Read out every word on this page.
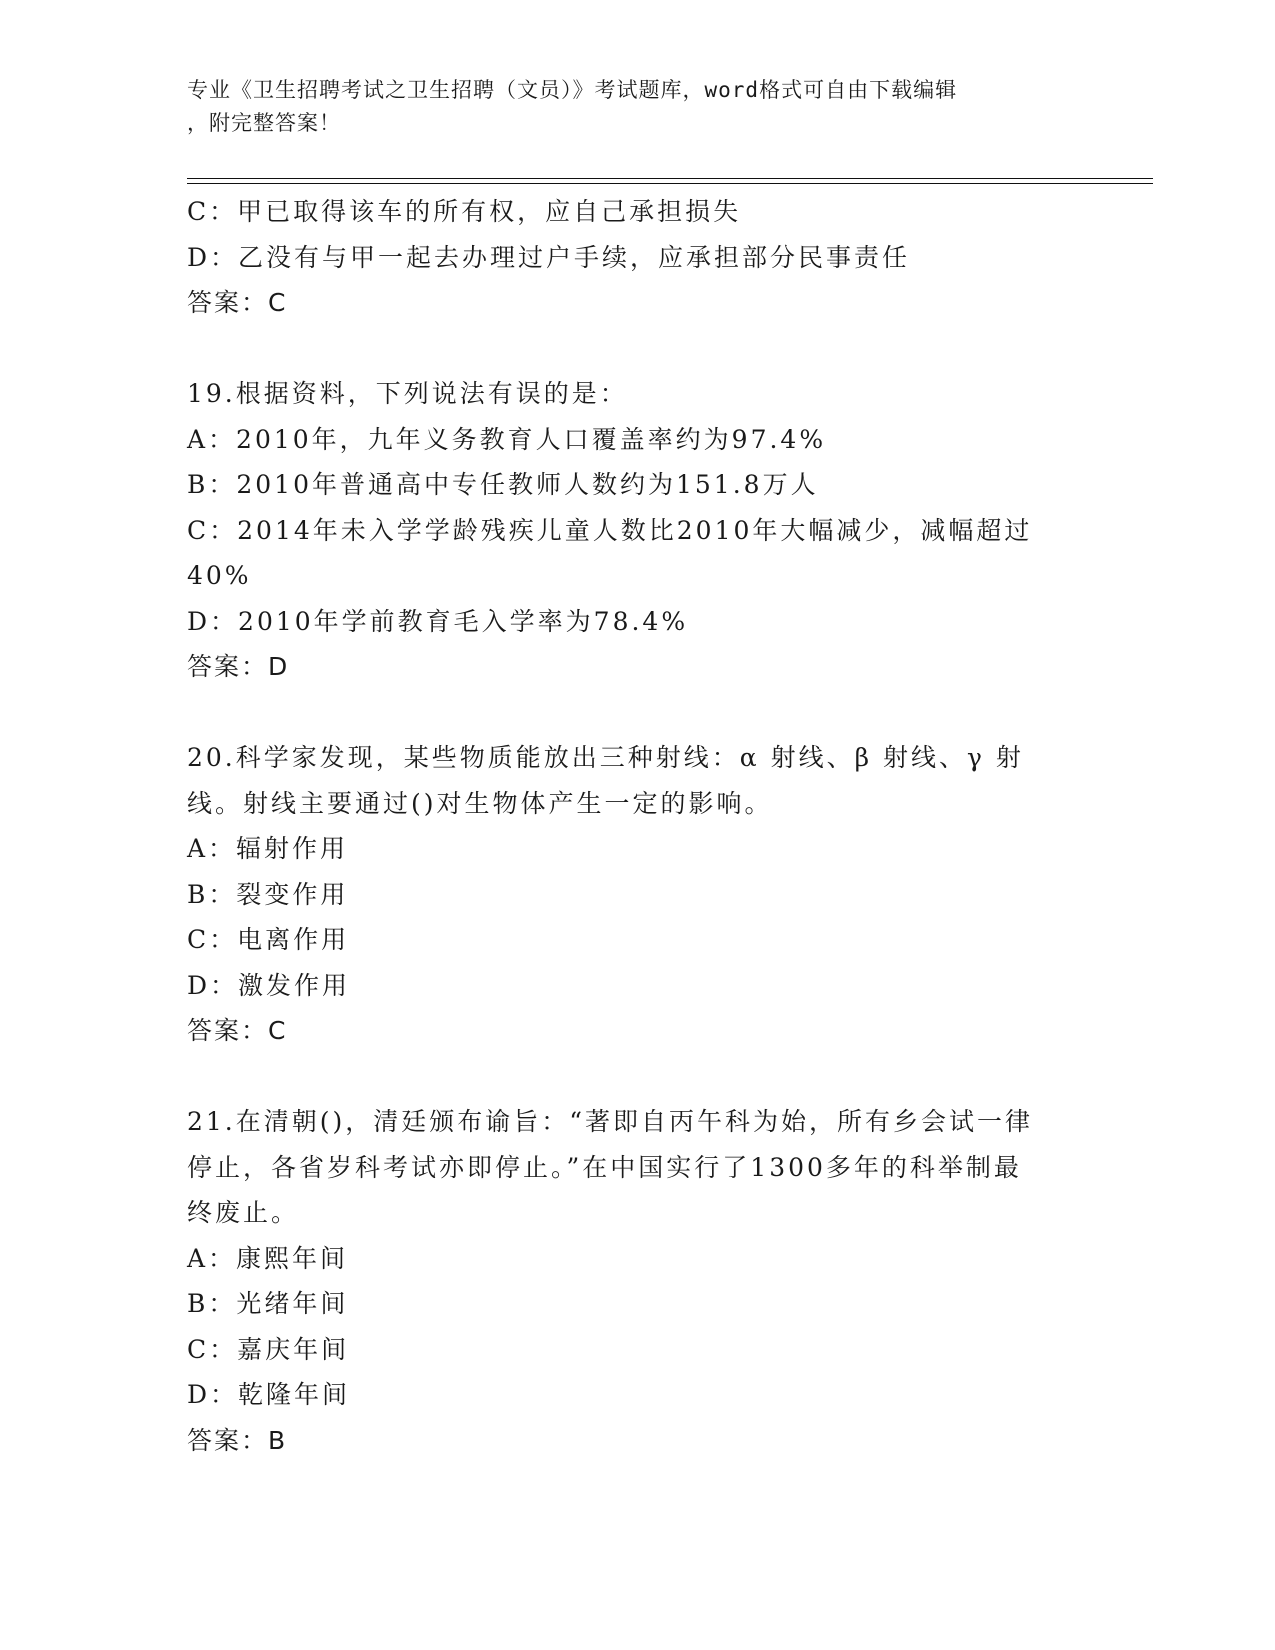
专业《卫生招聘考试之卫生招聘（文员）》考试题库，word格式可自由下载编辑
，附完整答案！
C：甲已取得该车的所有权，应自己承担损失
D：乙没有与甲一起去办理过户手续，应承担部分民事责任
答案：C
19.根据资料，下列说法有误的是：
A：2010年，九年义务教育人口覆盖率约为97.4%
B：2010年普通高中专任教师人数约为151.8万人
C：2014年未入学学龄残疾儿童人数比2010年大幅减少，减幅超过
40%
D：2010年学前教育毛入学率为78.4%
答案：D
20.科学家发现，某些物质能放出三种射线：α 射线、β 射线、γ 射
线。射线主要通过()对生物体产生一定的影响。
A：辐射作用
B：裂变作用
C：电离作用
D：激发作用
答案：C
21.在清朝()，清廷颁布谕旨：“著即自丙午科为始，所有乡会试一律
停止，各省岁科考试亦即停止。”在中国实行了1300多年的科举制最
终废止。
A：康熙年间
B：光绪年间
C：嘉庆年间
D：乾隆年间
答案：B
